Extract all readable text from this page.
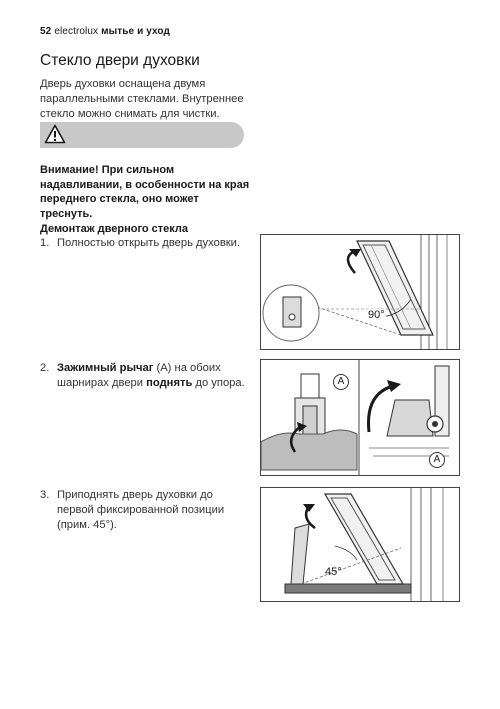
52 electrolux мытье и уход
Стекло двери духовки
Дверь духовки оснащена двумя параллельными стеклами. Внутреннее стекло можно снимать для чистки.
Внимание! При сильном надавливании, в особенности на края переднего стекла, оно может треснуть.
Демонтаж дверного стекла
1. Полностью открыть дверь духовки.
2. Зажимный рычаг (A) на обоих шарнирах двери поднять до упора.
3. Приподнять дверь духовки до первой фиксированной позиции (прим. 45°).
90°
A
A
45°
